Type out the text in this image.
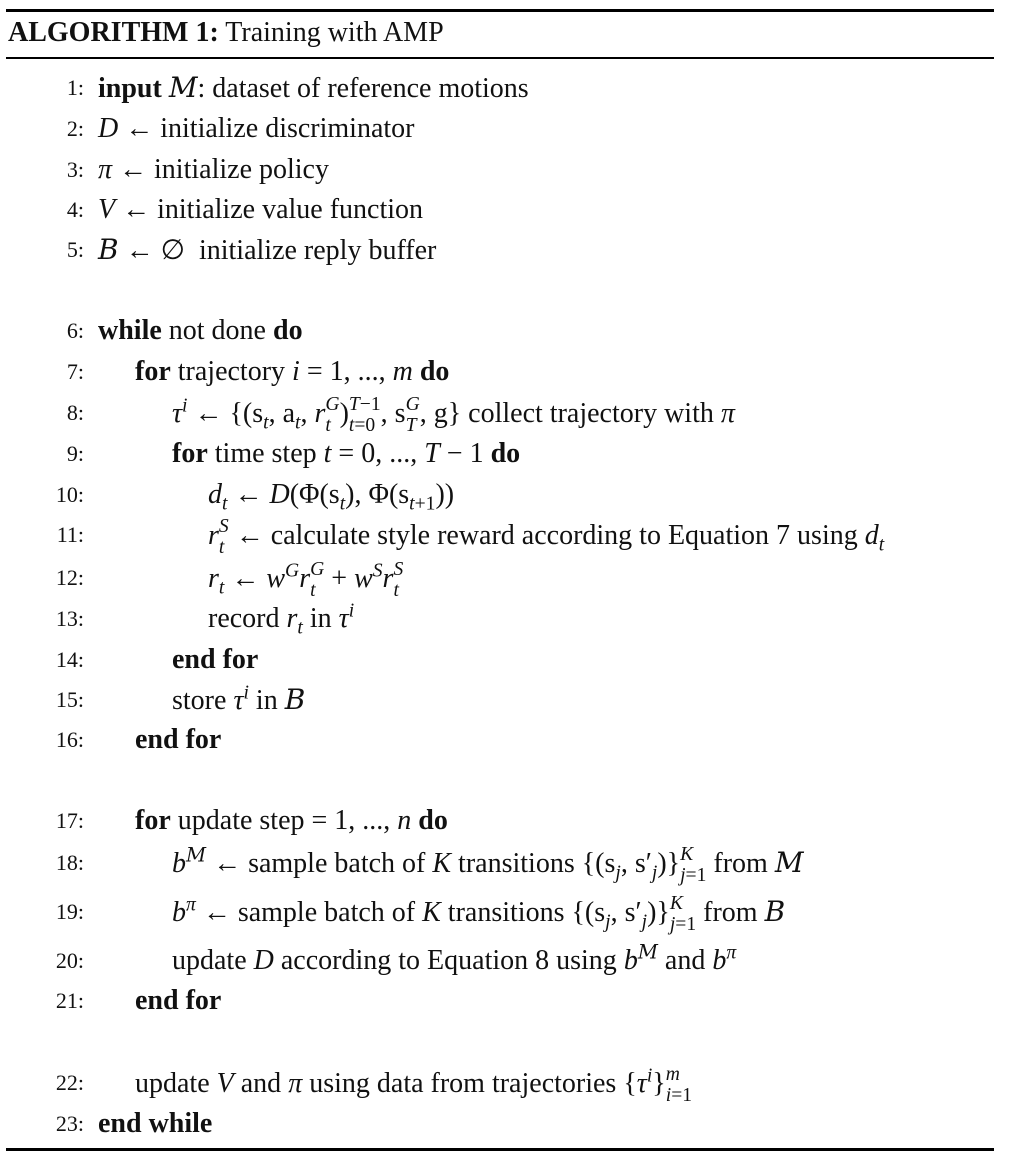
ALGORITHM 1: Training with AMP
1: input M: dataset of reference motions
2: D ← initialize discriminator
3: π ← initialize policy
4: V ← initialize value function
5: B ← ∅  initialize reply buffer
6: while not done do
7: for trajectory i = 1, ..., m do
8:	$\tau^i$ ← {($s_t$, $a_t$, r G
t ) T−1
t=0 , s G
T , g} collect trajectory with π
9:	for time step t = 0, ..., T − 1 do
10:	$d_t$ ← $D(\Phi(s_t)$, $\Phi(s_{t+1})$)
11:	r S
t ← calculate style reward according to Equation 7 using $d_t$
12:	$r_t$ ← $w^Gr$ G
$t + w^Sr$ S
t
13:	record $r_t$ in $\tau^i$
14:	end for
15:	store $\tau^i$ in B
16: end for
17: for update step = 1, ..., n do
18:	$b^M$ ← sample batch of K transitions {($s_j$, $s'_j$)} K
j=1 from M
19:	$b^\pi$ ← sample batch of K transitions {($s_j$, $s'_j$)} K
j=1 from B
20:	update D according to Equation 8 using $b^M$ and $b^\pi$
21: end for
22: update V and π using data from trajectories $\{\tau^i\}$ m
i=1
23: end while
